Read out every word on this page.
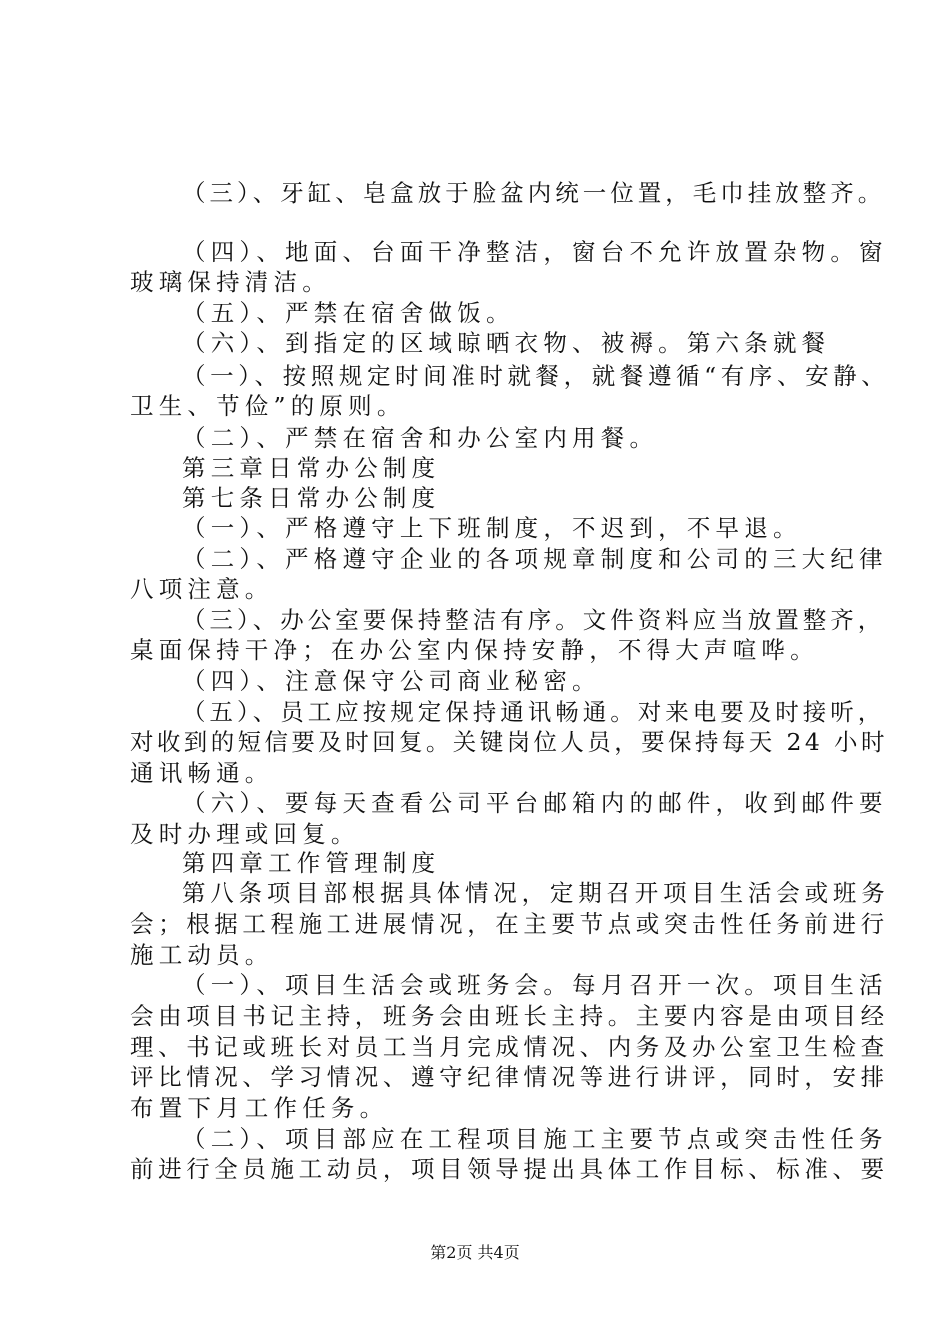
（三）、牙缸、皂盒放于脸盆内统一位置，毛巾挂放整齐。
（四）、地面、台面干净整洁，窗台不允许放置杂物。窗
玻璃保持清洁。
（五）、严禁在宿舍做饭。
（六）、到指定的区域晾晒衣物、被褥。第六条就餐
（一）、按照规定时间准时就餐，就餐遵循“有序、安静、
卫生、节俭”的原则。
（二）、严禁在宿舍和办公室内用餐。
第三章日常办公制度
第七条日常办公制度
（一）、严格遵守上下班制度，不迟到，不早退。
（二）、严格遵守企业的各项规章制度和公司的三大纪律
八项注意。
（三）、办公室要保持整洁有序。文件资料应当放置整齐，
桌面保持干净；在办公室内保持安静，不得大声喧哗。
（四）、注意保守公司商业秘密。
（五）、员工应按规定保持通讯畅通。对来电要及时接听，
对收到的短信要及时回复。关键岗位人员，要保持每天 24 小时
通讯畅通。
（六）、要每天查看公司平台邮箱内的邮件，收到邮件要
及时办理或回复。
第四章工作管理制度
第八条项目部根据具体情况，定期召开项目生活会或班务
会；根据工程施工进展情况，在主要节点或突击性任务前进行
施工动员。
（一）、项目生活会或班务会。每月召开一次。项目生活
会由项目书记主持，班务会由班长主持。主要内容是由项目经
理、书记或班长对员工当月完成情况、内务及办公室卫生检查
评比情况、学习情况、遵守纪律情况等进行讲评，同时，安排
布置下月工作任务。
（二）、项目部应在工程项目施工主要节点或突击性任务
前进行全员施工动员，项目领导提出具体工作目标、标准、要
第2页 共4页
